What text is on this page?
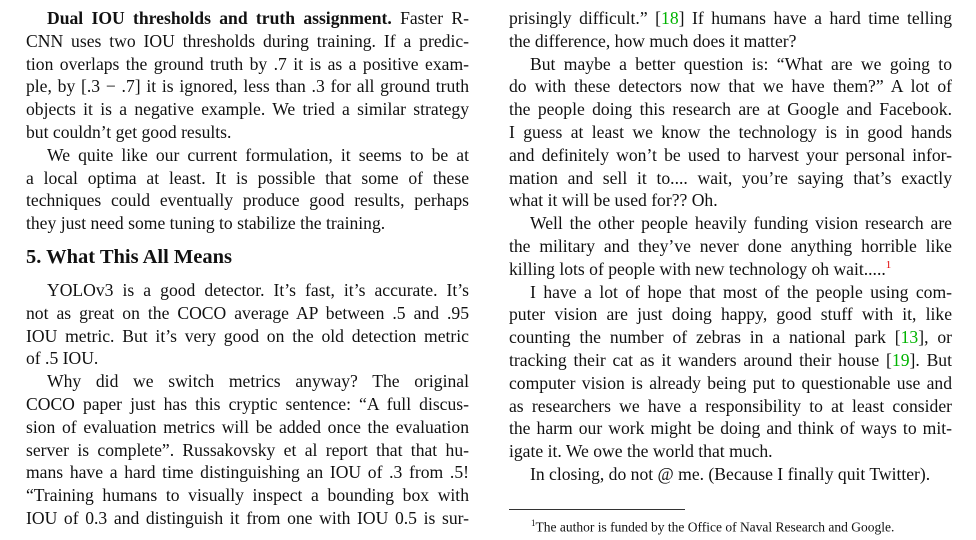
Dual IOU thresholds and truth assignment. Faster R-
CNN uses two IOU thresholds during training. If a predic-
tion overlaps the ground truth by .7 it is as a positive exam-
ple, by [.3 − .7] it is ignored, less than .3 for all ground truth
objects it is a negative example. We tried a similar strategy
but couldn’t get good results.
We quite like our current formulation, it seems to be at
a local optima at least. It is possible that some of these
techniques could eventually produce good results, perhaps
they just need some tuning to stabilize the training.
5. What This All Means
YOLOv3 is a good detector. It’s fast, it’s accurate. It’s
not as great on the COCO average AP between .5 and .95
IOU metric. But it’s very good on the old detection metric
of .5 IOU.
Why did we switch metrics anyway? The original
COCO paper just has this cryptic sentence: “A full discus-
sion of evaluation metrics will be added once the evaluation
server is complete”. Russakovsky et al report that that hu-
mans have a hard time distinguishing an IOU of .3 from .5!
“Training humans to visually inspect a bounding box with
IOU of 0.3 and distinguish it from one with IOU 0.5 is sur-
prisingly difficult.” [18] If humans have a hard time telling
the difference, how much does it matter?
But maybe a better question is: “What are we going to
do with these detectors now that we have them?” A lot of
the people doing this research are at Google and Facebook.
I guess at least we know the technology is in good hands
and definitely won’t be used to harvest your personal infor-
mation and sell it to.... wait, you’re saying that’s exactly
what it will be used for?? Oh.
Well the other people heavily funding vision research are
the military and they’ve never done anything horrible like
killing lots of people with new technology oh wait.....$^1$
I have a lot of hope that most of the people using com-
puter vision are just doing happy, good stuff with it, like
counting the number of zebras in a national park [13], or
tracking their cat as it wanders around their house [19]. But
computer vision is already being put to questionable use and
as researchers we have a responsibility to at least consider
the harm our work might be doing and think of ways to mit-
igate it. We owe the world that much.
In closing, do not @ me. (Because I finally quit Twitter).
$^1$The author is funded by the Office of Naval Research and Google.
